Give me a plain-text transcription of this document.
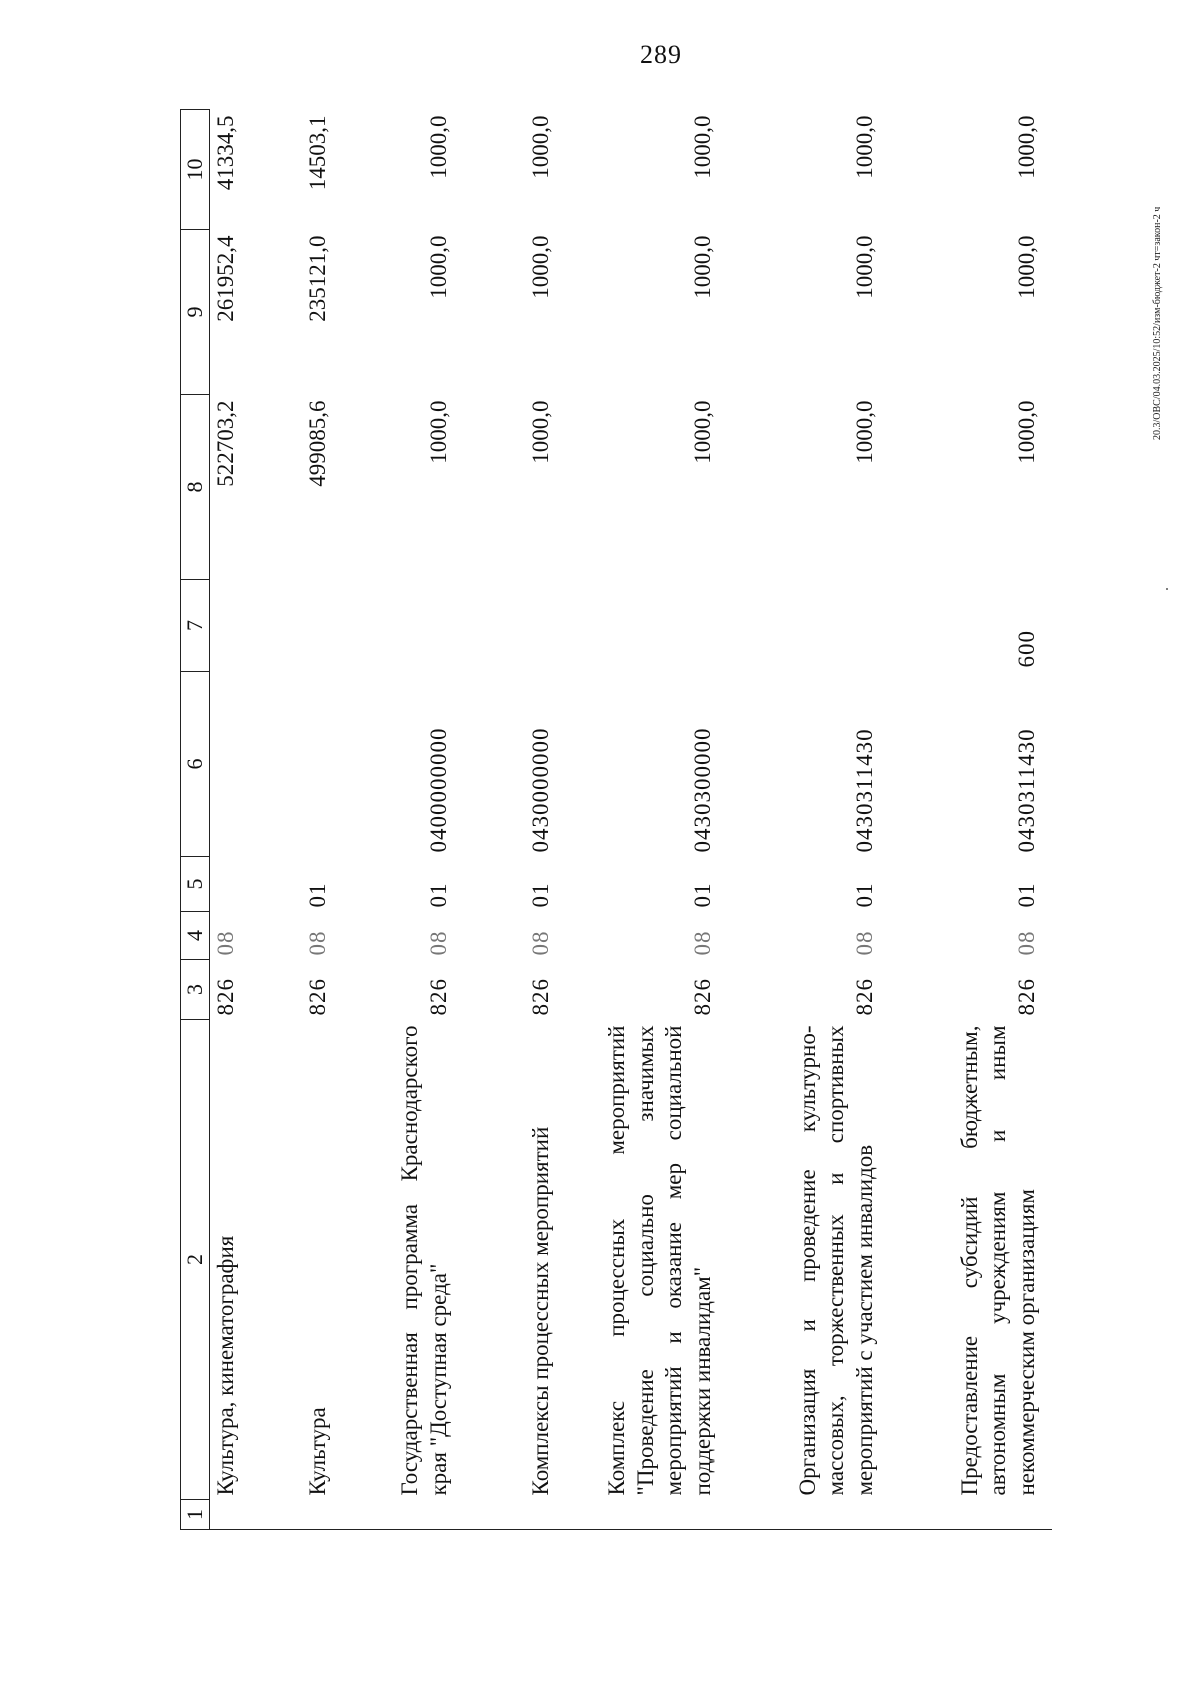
289
20.3/OBC/04.03.2025/10:52/изм-бюджет-2 чт=закон-2 ч
1	2	3	4	5	6	7	8	9	10
	Культура, кинематография	826	08				522703,2	261952,4	41334,5
	Культура	826	08	01			499085,6	235121,0	14503,1
	Государственная программа Краснодарского края "Доступная среда"	826	08	01	0400000000		1000,0	1000,0	1000,0
	Комплексы процессных мероприятий	826	08	01	0430000000		1000,0	1000,0	1000,0
	Комплекс процессных мероприятий "Проведение социально значимых мероприятий и оказание мер социальной поддержки инвалидам"	826	08	01	0430300000		1000,0	1000,0	1000,0
	Организация и проведение культурно-массовых, торжественных и спортивных мероприятий с участием инвалидов	826	08	01	0430311430		1000,0	1000,0	1000,0
	Предоставление субсидий бюджетным, автономным учреждениям и иным некоммерческим организациям	826	08	01	0430311430	600	1000,0	1000,0	1000,0
